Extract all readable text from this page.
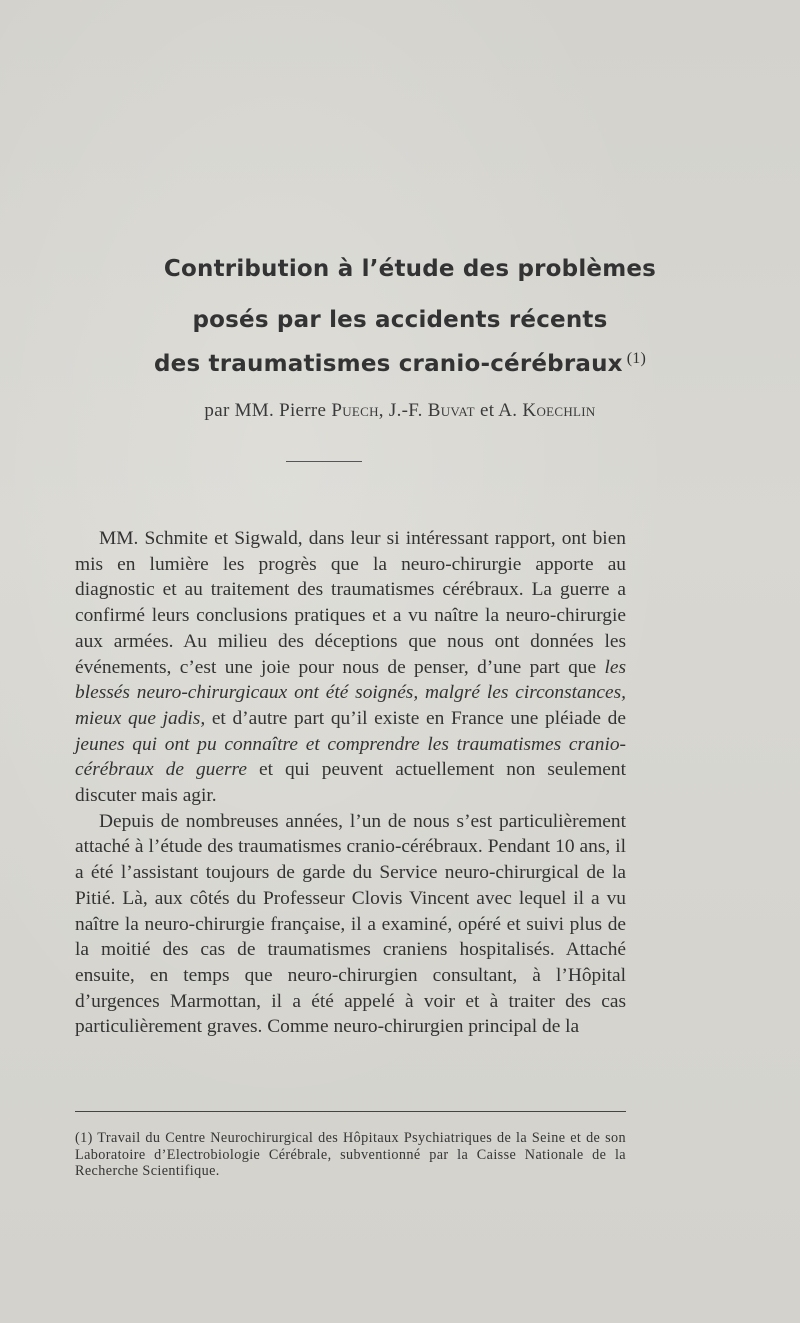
Contribution à l’étude des problèmes
posés par les accidents récents
des traumatismes cranio-cérébraux $^{(1)}$
par MM. Pierre Puech, J.-F. Buvat et A. Koechlin

MM. Schmite et Sigwald, dans leur si intéressant rapport, ont bien mis en lumière les progrès que la neuro-chirurgie apporte au diagnostic et au traitement des traumatismes cérébraux. La guerre a confirmé leurs conclusions pratiques et a vu naître la neuro-chirurgie aux armées. Au milieu des déceptions que nous ont données les événements, c’est une joie pour nous de penser, d’une part que les blessés neuro-chirurgicaux ont été soignés, malgré les circonstances, mieux que jadis, et d’autre part qu’il existe en France une pléiade de jeunes qui ont pu connaître et comprendre les traumatismes cranio-cérébraux de guerre et qui peuvent actuellement non seulement discuter mais agir.

Depuis de nombreuses années, l’un de nous s’est particulièrement attaché à l’étude des traumatismes cranio-cérébraux. Pendant 10 ans, il a été l’assistant toujours de garde du Service neuro-chirurgical de la Pitié. Là, aux côtés du Professeur Clovis Vincent avec lequel il a vu naître la neuro-chirurgie française, il a examiné, opéré et suivi plus de la moitié des cas de traumatismes craniens hospitalisés. Attaché ensuite, en temps que neuro-chirurgien consultant, à l’Hôpital d’urgences Marmottan, il a été appelé à voir et à traiter des cas particulièrement graves. Comme neuro-chirurgien principal de la

(1) Travail du Centre Neurochirurgical des Hôpitaux Psychiatriques de la Seine et de son Laboratoire d’Electrobiologie Cérébrale, subventionné par la Caisse Nationale de la Recherche Scientifique.
